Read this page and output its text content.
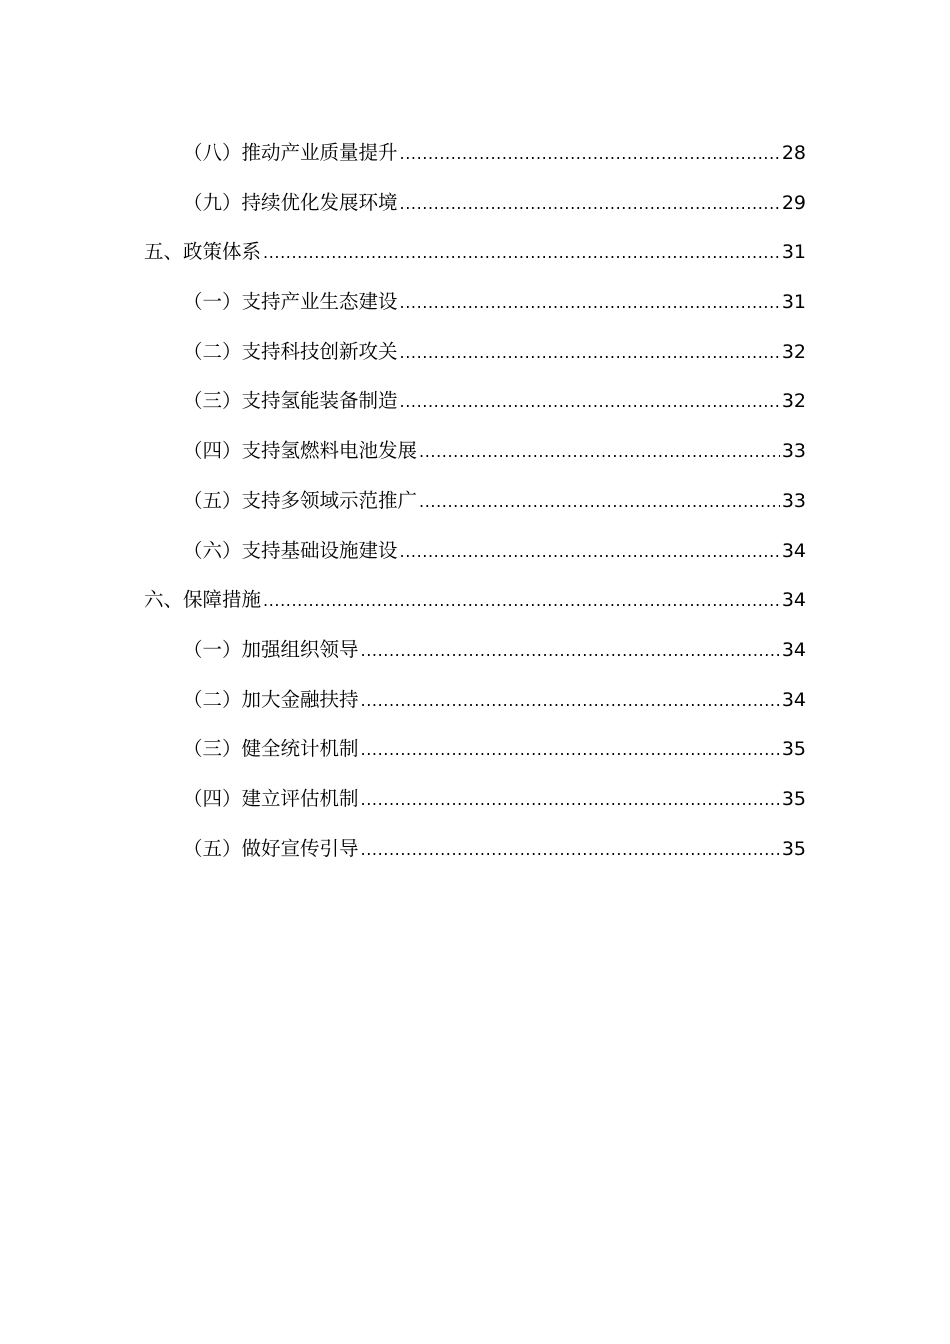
（八）推动产业质量提升 .....	28
（九）持续优化发展环境 .....	29
五、政策体系 .....	31
（一）支持产业生态建设 .....	31
（二）支持科技创新攻关 .....	32
（三）支持氢能装备制造 .....	32
（四）支持氢燃料电池发展 .....	33
（五）支持多领域示范推广 .....	33
（六）支持基础设施建设 .....	34
六、保障措施 .....	34
（一）加强组织领导 .....	34
（二）加大金融扶持 .....	34
（三）健全统计机制 .....	35
（四）建立评估机制 .....	35
（五）做好宣传引导 .....	35
